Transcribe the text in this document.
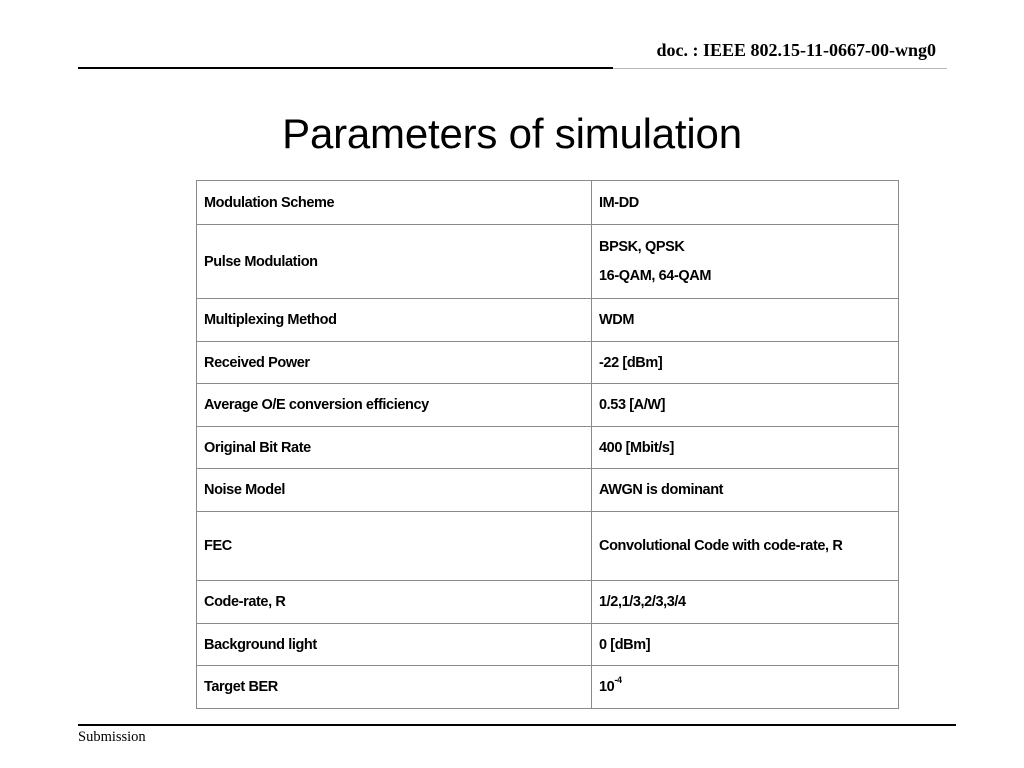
doc. : IEEE 802.15-11-0667-00-wng0
Parameters of simulation
Modulation Scheme	IM-DD
Pulse Modulation	BPSK, QPSK

16-QAM, 64-QAM

Multiplexing Method	WDM
Received Power	-22 [dBm]
Average O/E conversion efficiency	0.53 [A/W]
Original Bit Rate	400 [Mbit/s]
Noise Model	AWGN is dominant
FEC	Convolutional Code with code-rate, R
Code-rate, R	1/2,1/3,2/3,3/4
Background light	0 [dBm]
Target BER	$10^{-4}$
Submission
